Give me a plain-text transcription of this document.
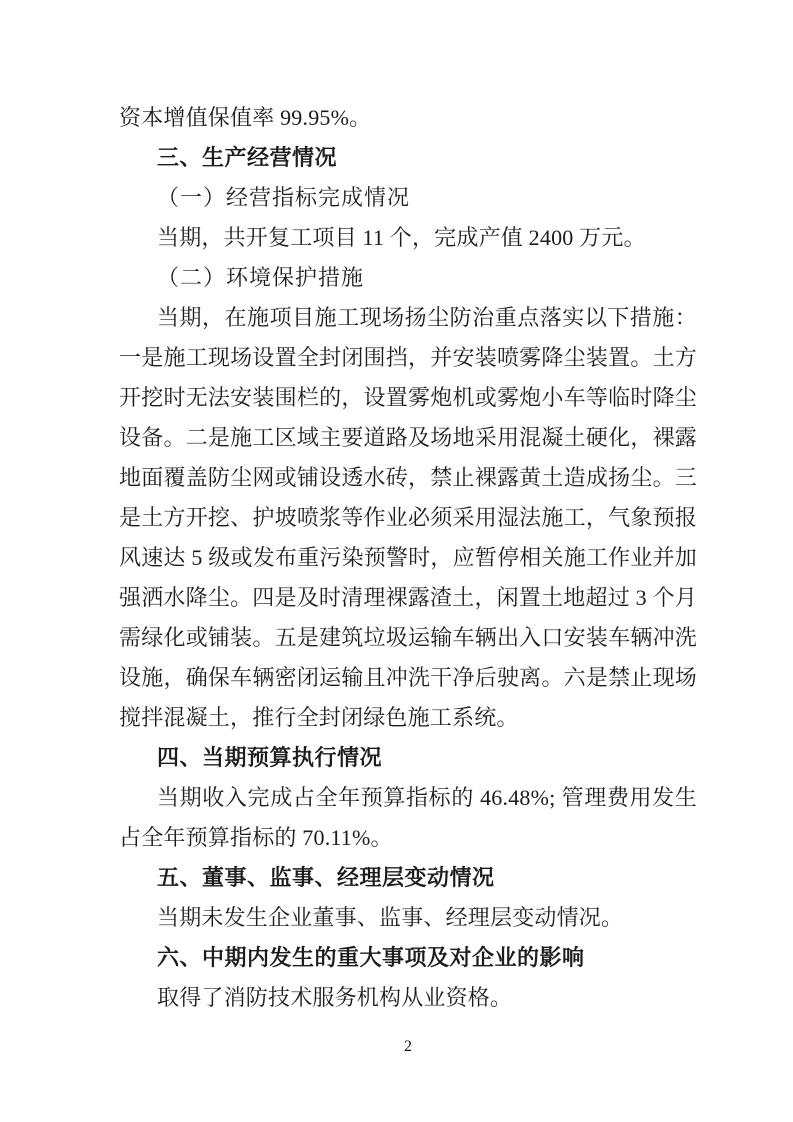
资本增值保值率 99.95%。
三、生产经营情况
（一）经营指标完成情况
当期，共开复工项目 11 个，完成产值 2400 万元。
（二）环境保护措施
当期，在施项目施工现场扬尘防治重点落实以下措施：
一是施工现场设置全封闭围挡，并安装喷雾降尘装置。土方
开挖时无法安装围栏的，设置雾炮机或雾炮小车等临时降尘
设备。二是施工区域主要道路及场地采用混凝土硬化，裸露
地面覆盖防尘网或铺设透水砖，禁止裸露黄土造成扬尘。三
是土方开挖、护坡喷浆等作业必须采用湿法施工，气象预报
风速达 5 级或发布重污染预警时，应暂停相关施工作业并加
强洒水降尘。四是及时清理裸露渣土，闲置土地超过 3 个月
需绿化或铺装。五是建筑垃圾运输车辆出入口安装车辆冲洗
设施，确保车辆密闭运输且冲洗干净后驶离。六是禁止现场
搅拌混凝土，推行全封闭绿色施工系统。
四、当期预算执行情况
当期收入完成占全年预算指标的 46.48%; 管理费用发生
占全年预算指标的 70.11%。
五、董事、监事、经理层变动情况
当期未发生企业董事、监事、经理层变动情况。
六、中期内发生的重大事项及对企业的影响
取得了消防技术服务机构从业资格。
2
